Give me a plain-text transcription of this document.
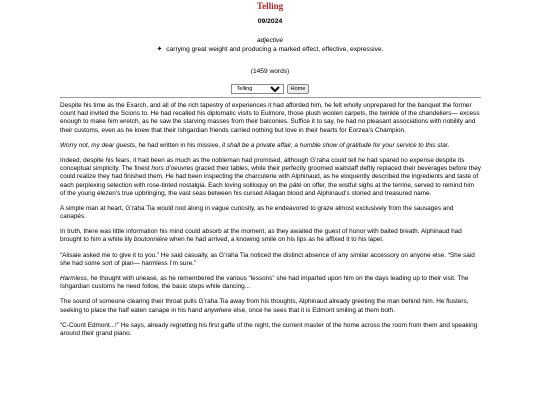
Telling
09/2024
adjective
✦ carrying great weight and producing a marked effect, effective, expressive.
(1459 words)
Telling Home

Despite his time as the Exarch, and all of the rich tapestry of experiences it had afforded him, he felt wholly unprepared for the banquet the former count had invited the Scions to. He had recalled his diplomatic visits to Eulmore, those plush woolen carpets, the twinkle of the chandeliers— excess enough to make him wretch, as he saw the starving masses from their balconies. Suffice it to say, he had no pleasant associations with nobility and their customs, even as he knew that their Ishgardian friends carried nothing but love in their hearts for Eorzea’s Champion.

Worry not, my dear guests, he had written in his missive, it shall be a private affair, a humble show of gratitude for your service to this star.

Indeed, despite his fears, it had been as much as the nobleman had promised, although G’raha could tell he had spared no expense despite its conceptual simplicity. The finest hors d’oeuvres graced their tables, while their perfectly groomed waitstaff deftly replaced their beverages before they could realize they had finished them. He had been inspecting the charcuterie with Alphinaud, as he eloquently described the ingredients and taste of each perplexing selection with rose-tinted nostalgia. Each loving soliloquy on the pâté on offer, the wistful sighs at the terrine, served to remind him of the young elezen’s true upbringing, the vast seas between his cursed Allagan blood and Alphinaud’s storied and treasured name.

A simple man at heart, G’raha Tia would nod along in vague curiosity, as he endeavored to graze almost exclusively from the sausages and canapés.

In truth, there was little information his mind could absorb at the moment, as they awaited the guest of honor with baited breath. Alphinaud had brought to him a white lily boutonnière when he had arrived, a knowing smile on his lips as he affixed it to his lapel.

“Alisaie asked me to give it to you.” He said casually, as G’raha Tia noticed the distinct absence of any similar accessory on anyone else. “She said she had some sort of plan— harmless I’m sure.”

Harmless, he thought with unease, as he remembered the various “lessons” she had imparted upon him on the days leading up to their visit. The Ishgardian customs he need follow, the basic steps while dancing...

The sound of someone clearing their throat pulls G’raha Tia away from his thoughts, Alphinaud already greeting the man behind him. He flusters, seeking to place the half eaten canape in his hand anywhere else, once he sees that it is Edmont smiling at them both.

“C-Count Edmont...!” He says, already regretting his first gaffe of the night, the current master of the home across the room from them and speaking around their grand piano.
